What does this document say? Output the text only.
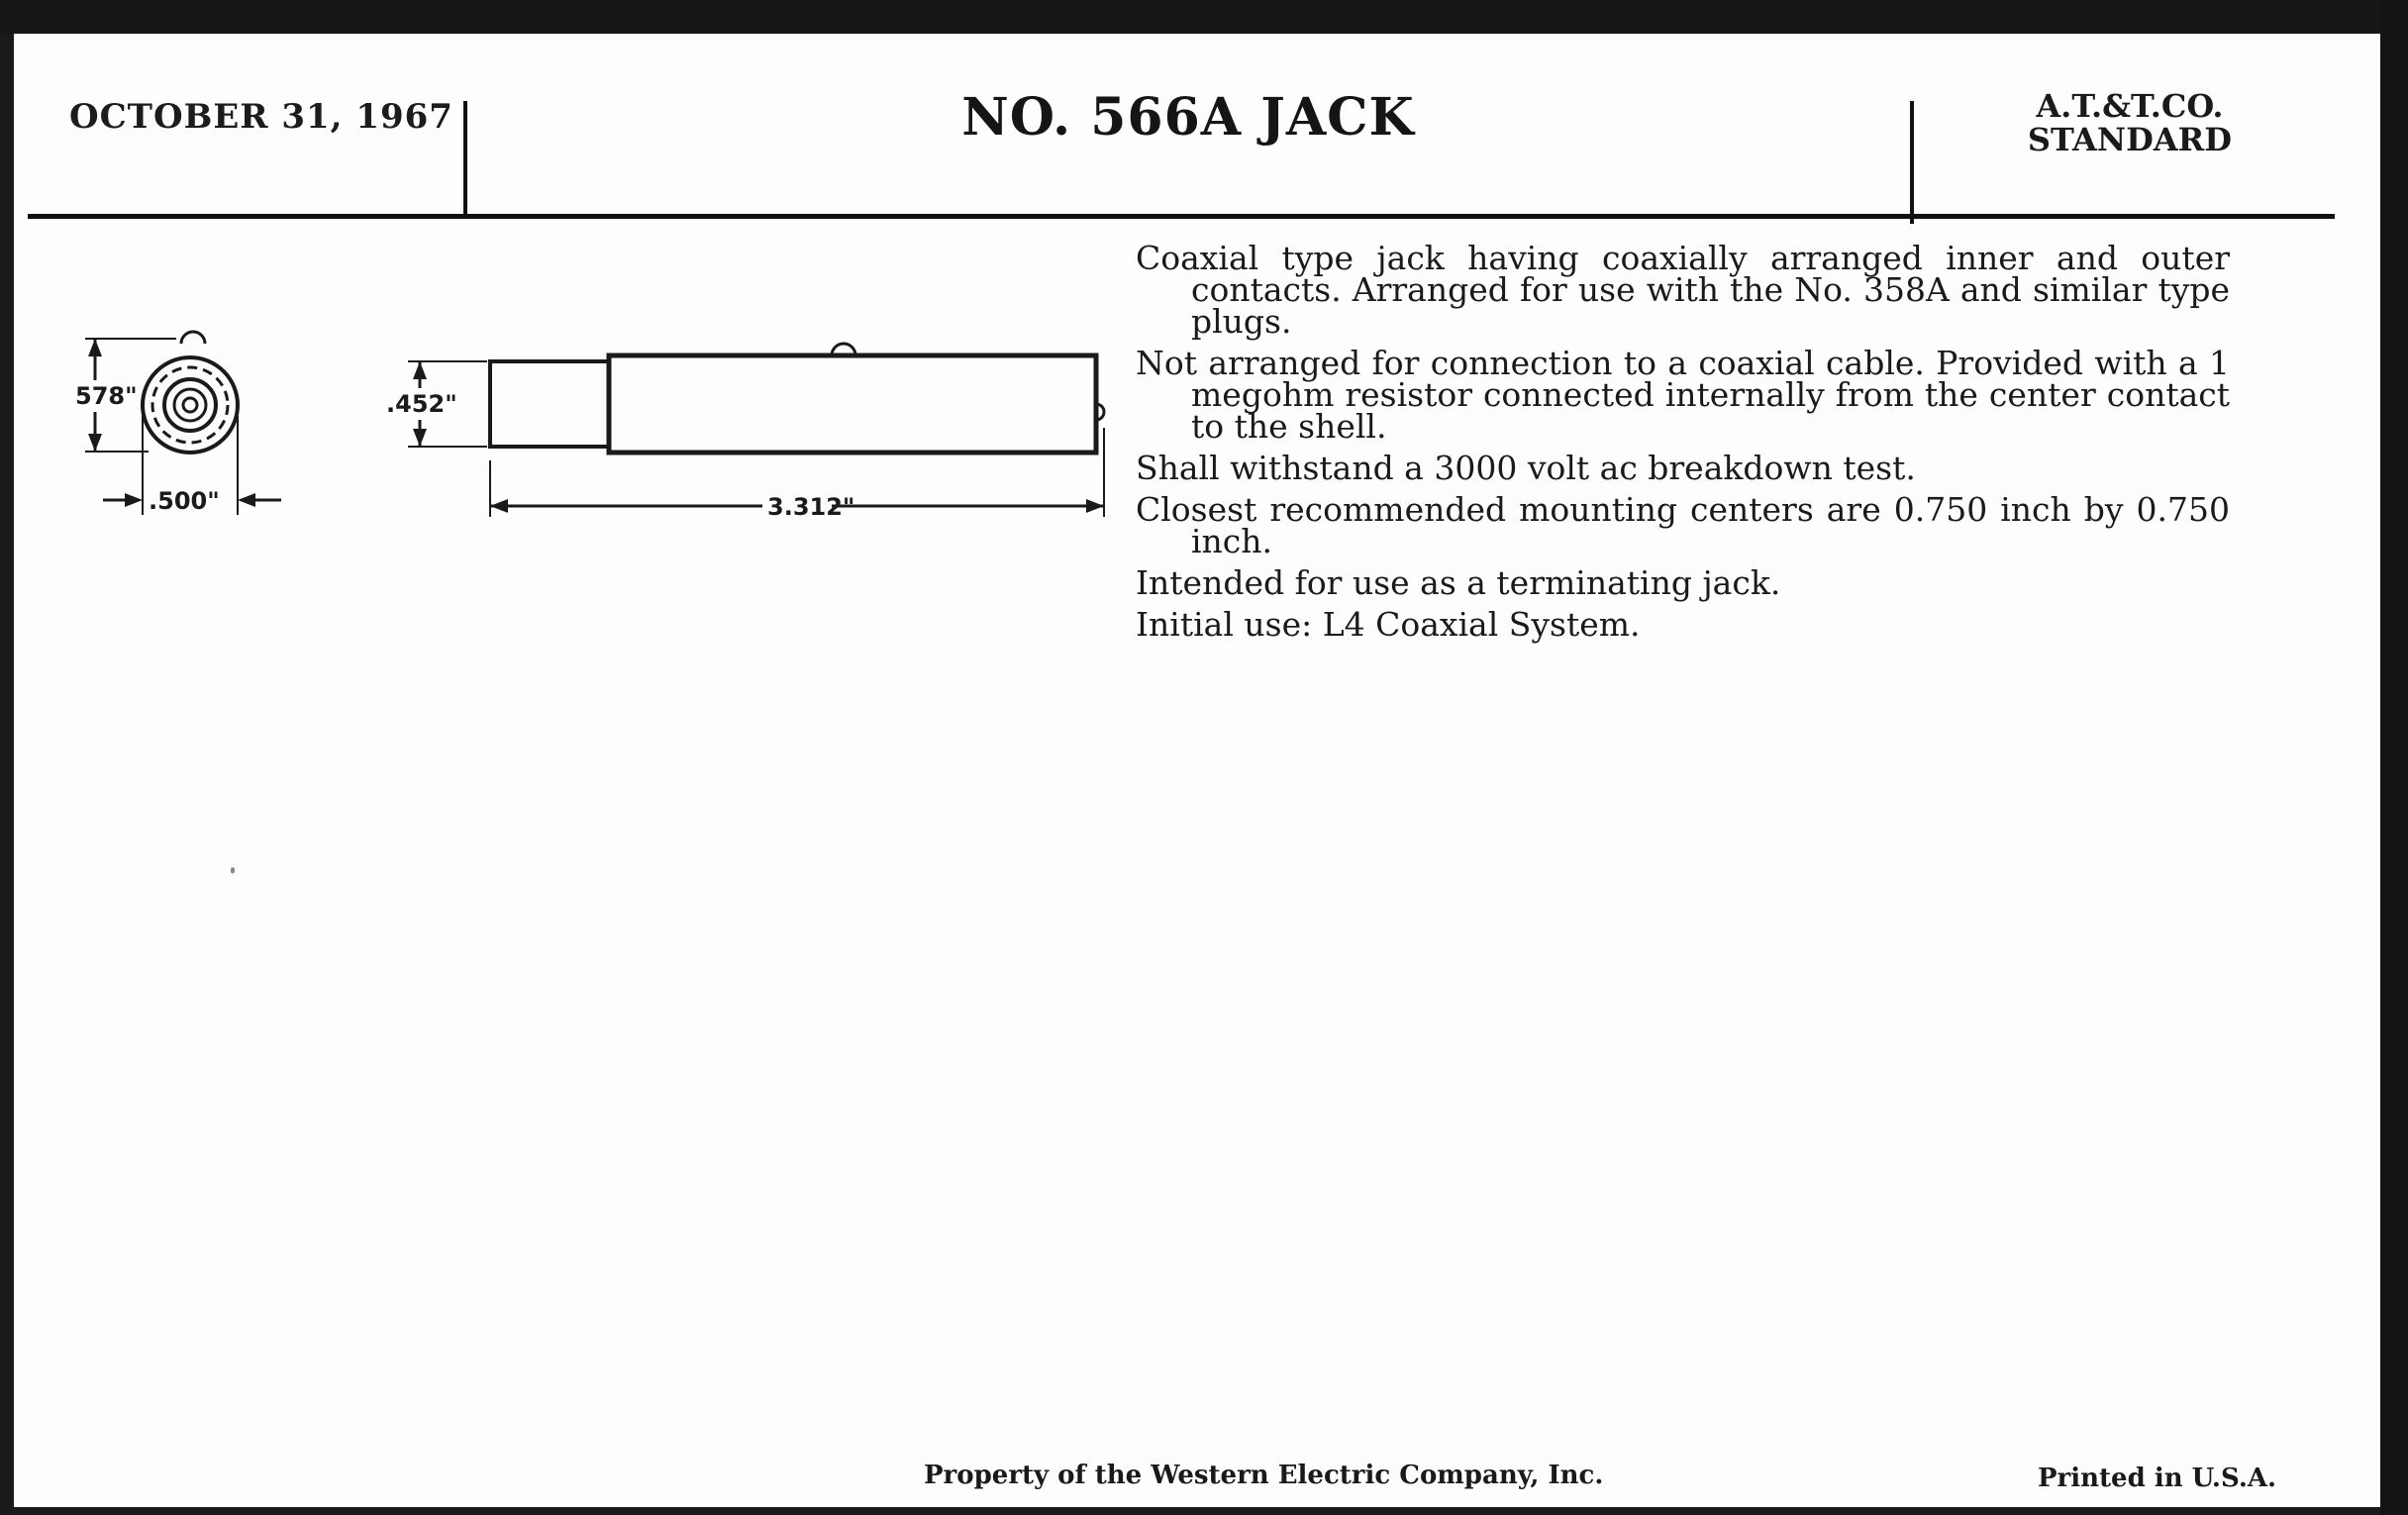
OCTOBER 31, 1967	NO. 566A JACK	A.T.&T.CO.
STANDARD
578"
.500"
.452"
3.312"
Coaxial type jack having coaxially arranged inner and outer contacts. Arranged for use with the No. 358A and similar type plugs.
Not arranged for connection to a coaxial cable. Provided with a 1 megohm resistor connected internally from the center contact to the shell.
Shall withstand a 3000 volt ac breakdown test.
Closest recommended mounting centers are 0.750 inch by 0.750 inch.
Intended for use as a terminating jack.
Initial use: L4 Coaxial System.
Property of the Western Electric Company, Inc.	Printed in U.S.A.
